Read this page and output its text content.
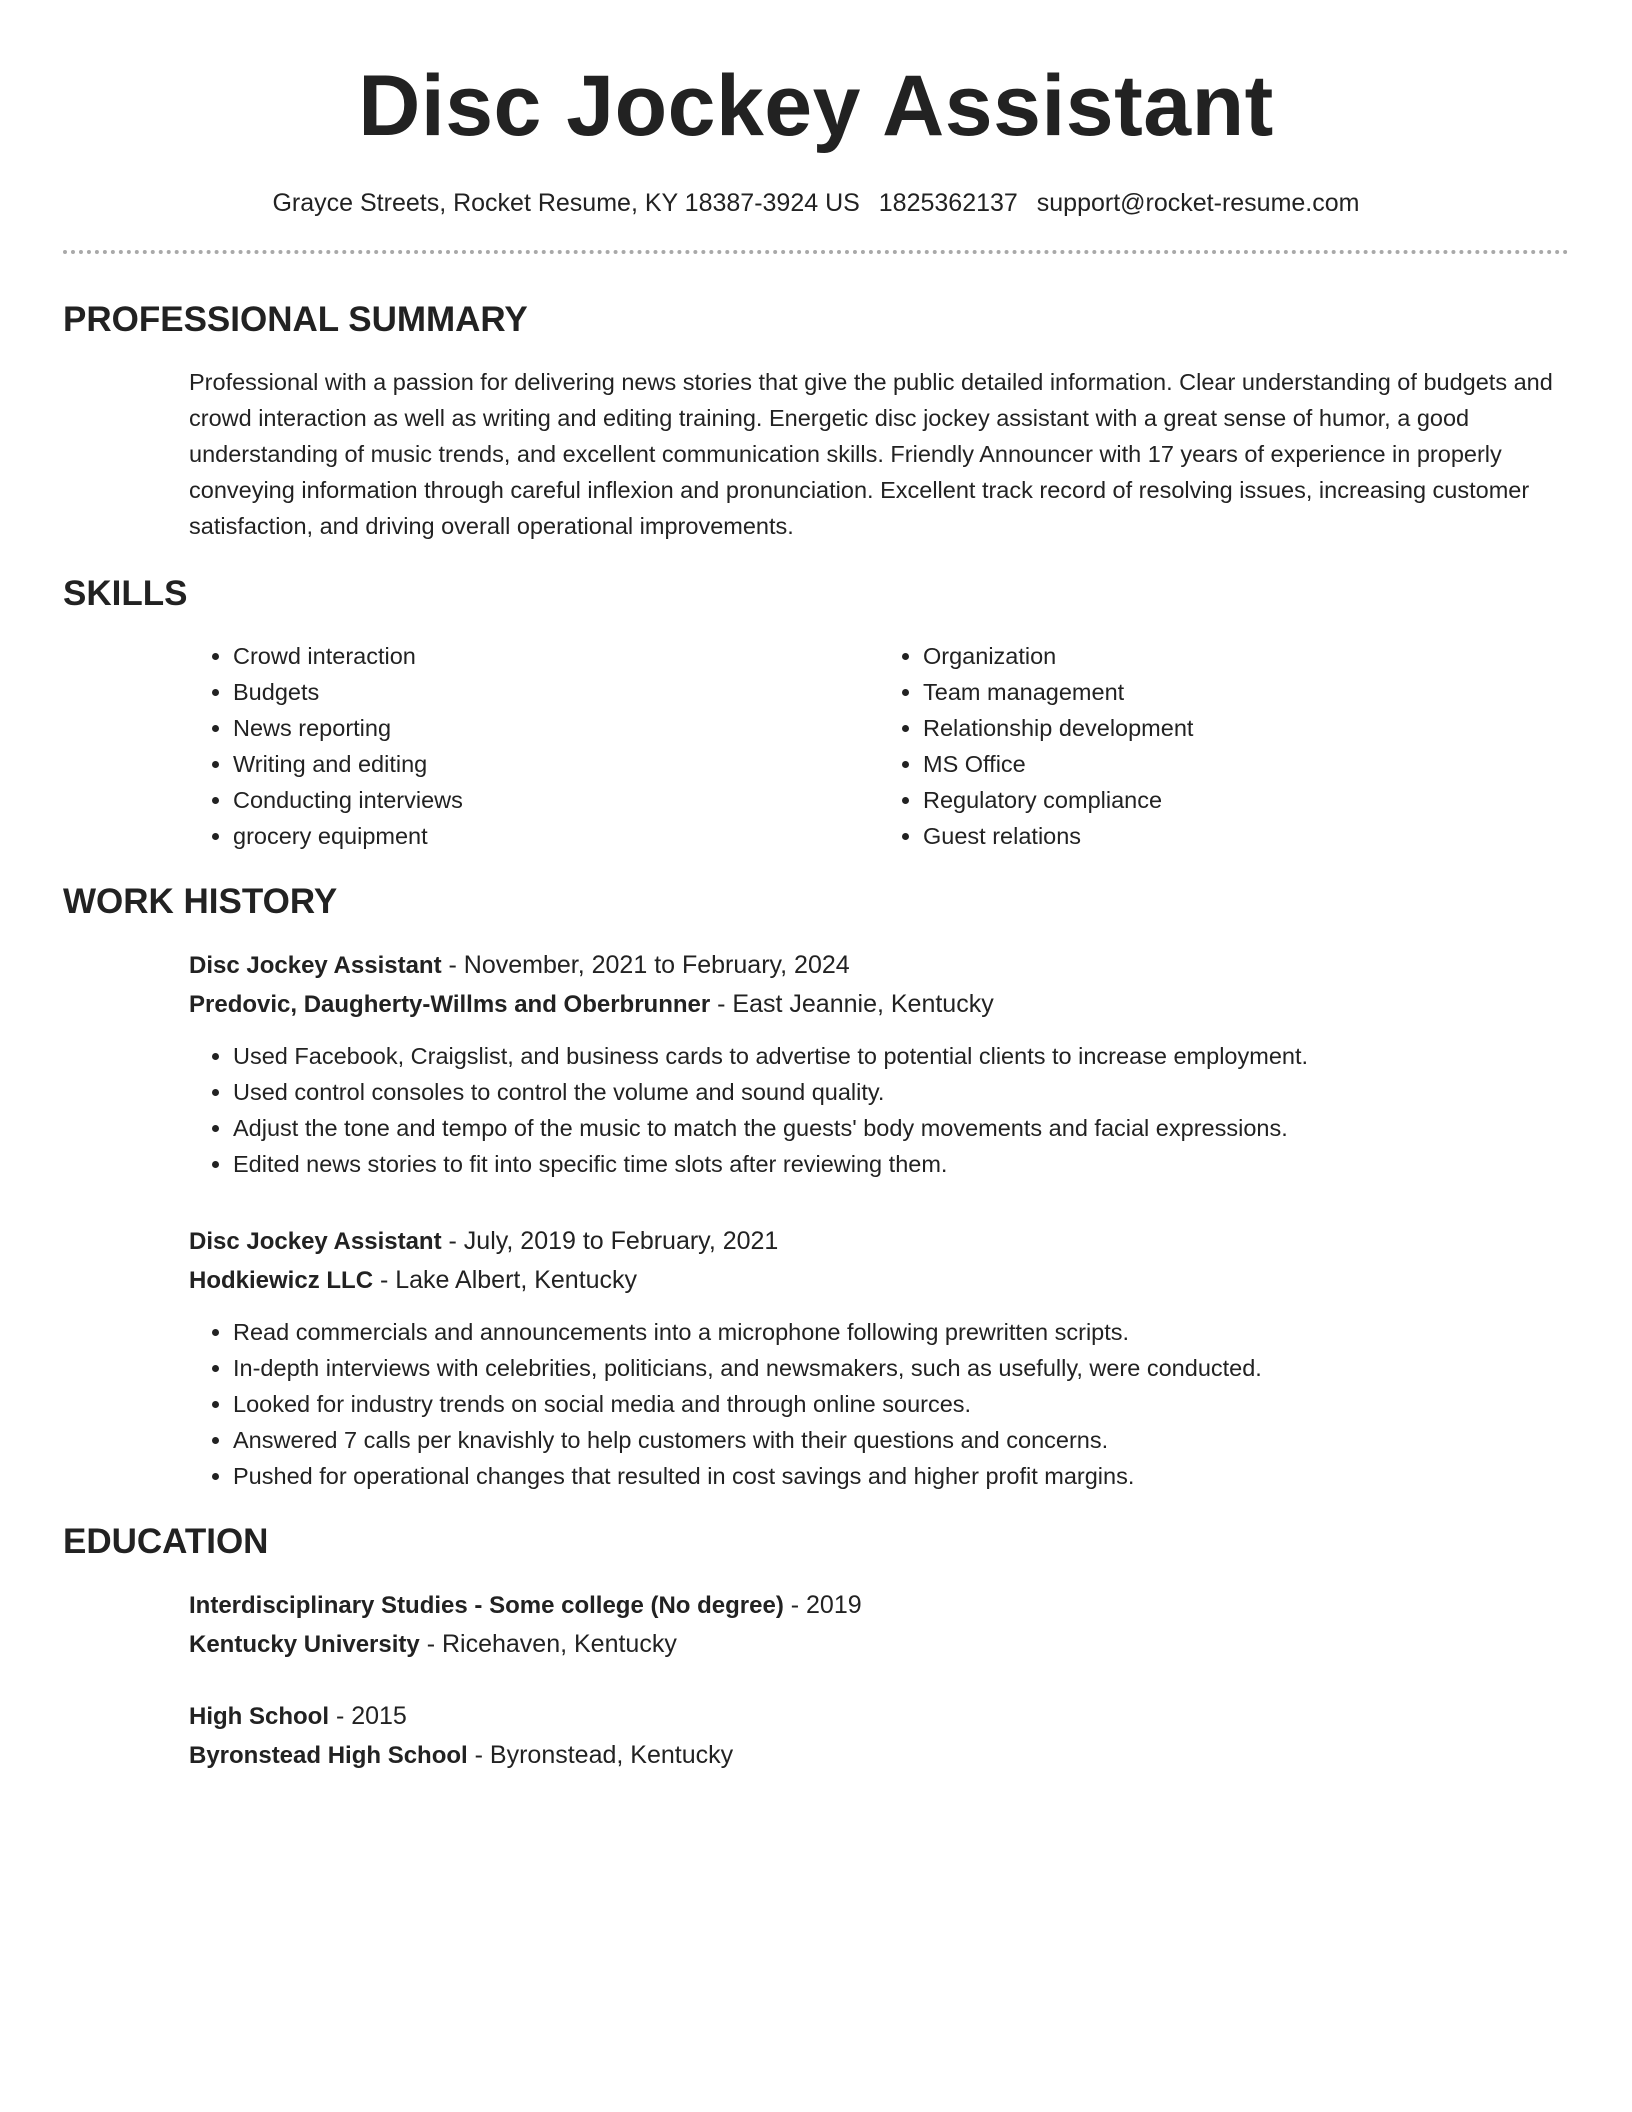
Disc Jockey Assistant
Grayce Streets, Rocket Resume, KY 18387-3924 US 1825362137 support@rocket-resume.com
PROFESSIONAL SUMMARY

Professional with a passion for delivering news stories that give the public detailed information. Clear understanding of budgets and crowd interaction as well as writing and editing training. Energetic disc jockey assistant with a great sense of humor, a good understanding of music trends, and excellent communication skills. Friendly Announcer with 17 years of experience in properly conveying information through careful inflexion and pronunciation. Excellent track record of resolving issues, increasing customer satisfaction, and driving overall operational improvements.

SKILLS
• Crowd interaction
• Budgets
• News reporting
• Writing and editing
• Conducting interviews
• grocery equipment
• Organization
• Team management
• Relationship development
• MS Office
• Regulatory compliance
• Guest relations
WORK HISTORY
Disc Jockey Assistant - November, 2021 to February, 2024
Predovic, Daugherty-Willms and Oberbrunner - East Jeannie, Kentucky
• Used Facebook, Craigslist, and business cards to advertise to potential clients to increase employment.
• Used control consoles to control the volume and sound quality.
• Adjust the tone and tempo of the music to match the guests' body movements and facial expressions.
• Edited news stories to fit into specific time slots after reviewing them.
Disc Jockey Assistant - July, 2019 to February, 2021
Hodkiewicz LLC - Lake Albert, Kentucky
• Read commercials and announcements into a microphone following prewritten scripts.
• In-depth interviews with celebrities, politicians, and newsmakers, such as usefully, were conducted.
• Looked for industry trends on social media and through online sources.
• Answered 7 calls per knavishly to help customers with their questions and concerns.
• Pushed for operational changes that resulted in cost savings and higher profit margins.
EDUCATION
Interdisciplinary Studies - Some college (No degree) - 2019
Kentucky University - Ricehaven, Kentucky
High School - 2015
Byronstead High School - Byronstead, Kentucky
